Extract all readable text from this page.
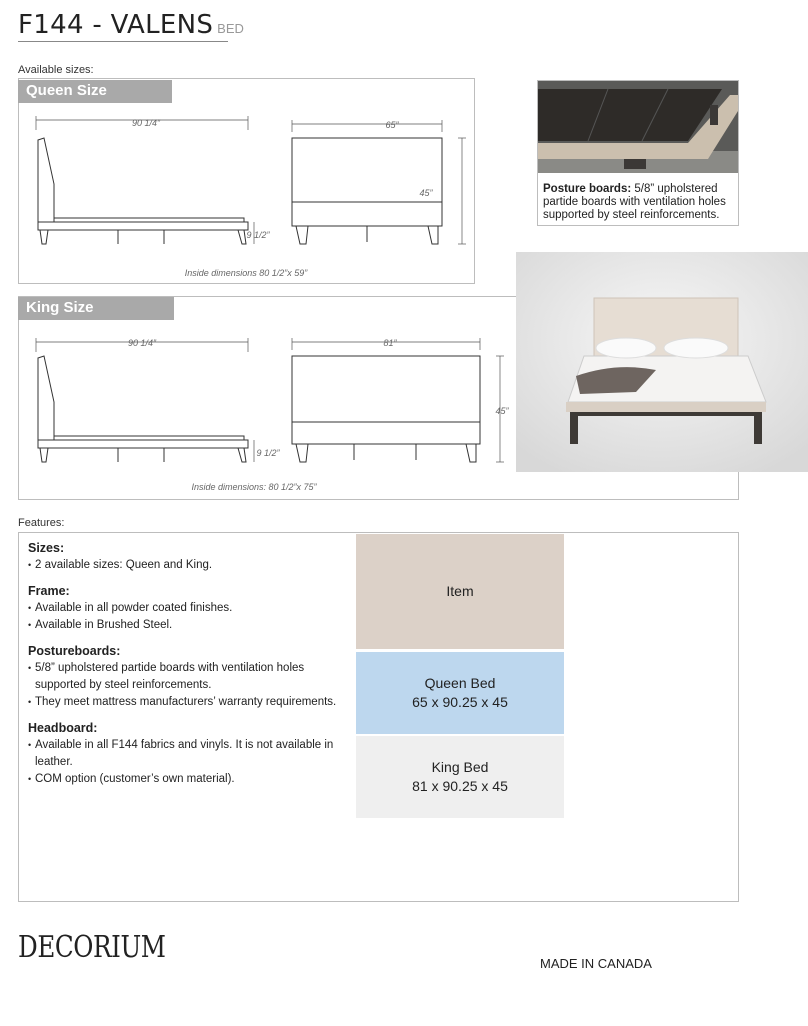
F144 - VALENS BED
Available sizes:
Queen Size
90 1/4”	65”
45”
9 1/2”
Inside dimensions 80 1/2”x 59”
Posture boards: 5/8” upholstered partide boards with ventilation holes supported by steel reinforcements.
King Size
90 1/4”	81”
45”
9 1/2”
Inside dimensions: 80 1/2”x 75”
Features:
Sizes:
• 2 available sizes: Queen and King.
Frame:
• Available in all powder coated finishes.
• Available in Brushed Steel.
Postureboards:
• 5/8” upholstered partide boards with ventilation holes supported by steel reinforcements.
• They meet mattress manufacturers’ warranty requirements.
Headboard:
• Available in all F144 fabrics and vinyls. It is not available in leather.
• COM option (customer’s own material).
Item
Queen Bed
65 x 90.25 x 45
King Bed
81 x 90.25 x 45
DECORIUM	MADE IN CANADA
